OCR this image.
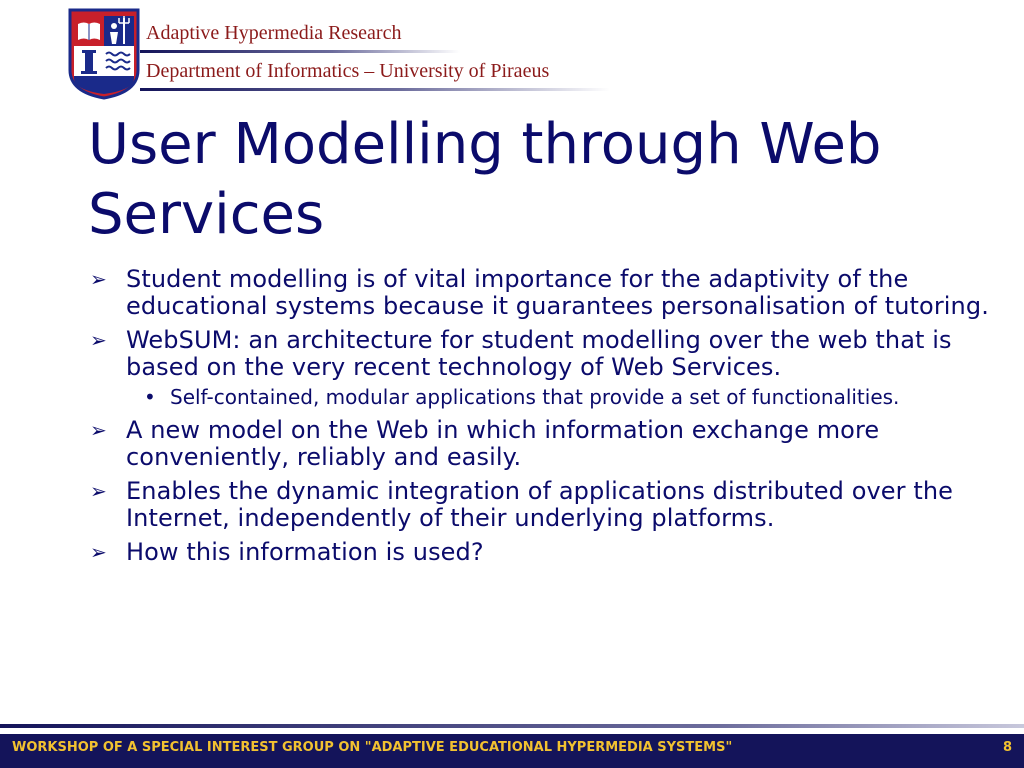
Adaptive Hypermedia Research
Department of Informatics – University of Piraeus
User Modelling through Web Services
➢ Student modelling is of vital importance for the adaptivity of the educational systems because it guarantees personalisation of tutoring.
➢ WebSUM: an architecture for student modelling over the web that is based on the very recent technology of Web Services.
• Self-contained, modular applications that provide a set of functionalities.
➢ A new model on the Web in which information exchange more conveniently, reliably and easily.
➢ Enables the dynamic integration of applications distributed over the Internet, independently of their underlying platforms.
➢ How this information is used?
WORKSHOP OF A SPECIAL INTEREST GROUP ON "ADAPTIVE EDUCATIONAL HYPERMEDIA SYSTEMS"	8
